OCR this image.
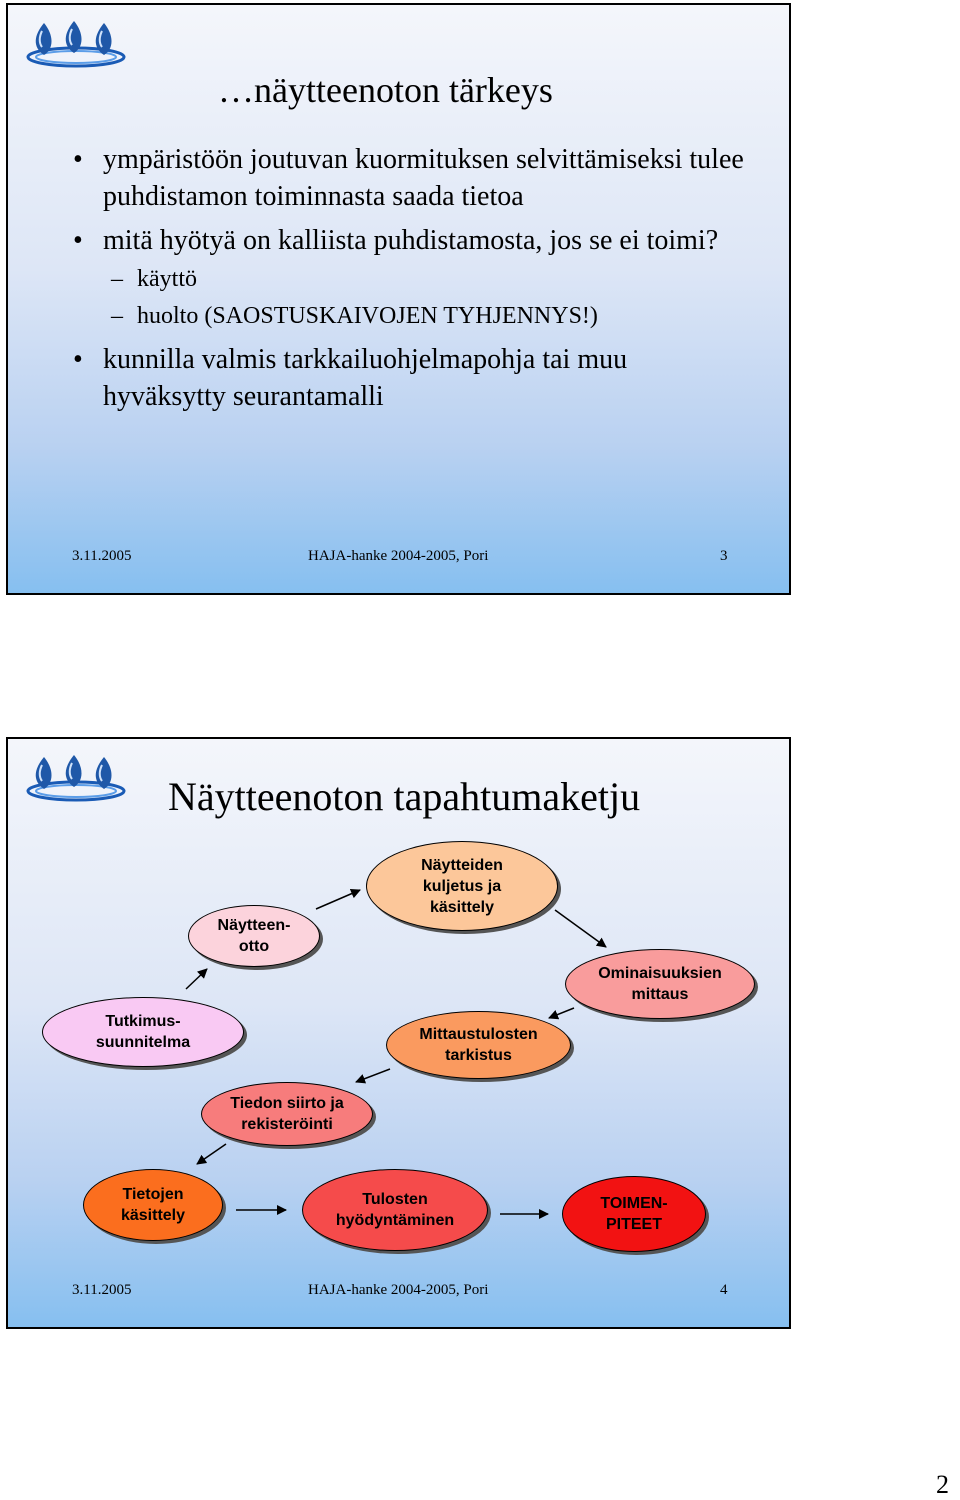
…näytteenoton tärkeys
• ympäristöön joutuvan kuormituksen selvittämiseksi tulee puhdistamon toiminnasta saada tietoa
• mitä hyötyä on kalliista puhdistamosta, jos se ei toimi?
– käyttö
– huolto (SAOSTUSKAIVOJEN TYHJENNYS!)
• kunnilla valmis tarkkailuohjelmapohja tai muu hyväksytty seurantamalli
3.11.2005	HAJA-hanke 2004-2005, Pori	3
Näytteenoton tapahtumaketju
Tutkimus-
suunnitelma
Näytteen-
otto
Näytteiden
kuljetus ja
käsittely
Ominaisuuksien
mittaus
Mittaustulosten
tarkistus
Tiedon siirto ja
rekisteröinti
Tietojen
käsittely
Tulosten
hyödyntäminen
TOIMEN-
PITEET
3.11.2005	HAJA-hanke 2004-2005, Pori	4
2
